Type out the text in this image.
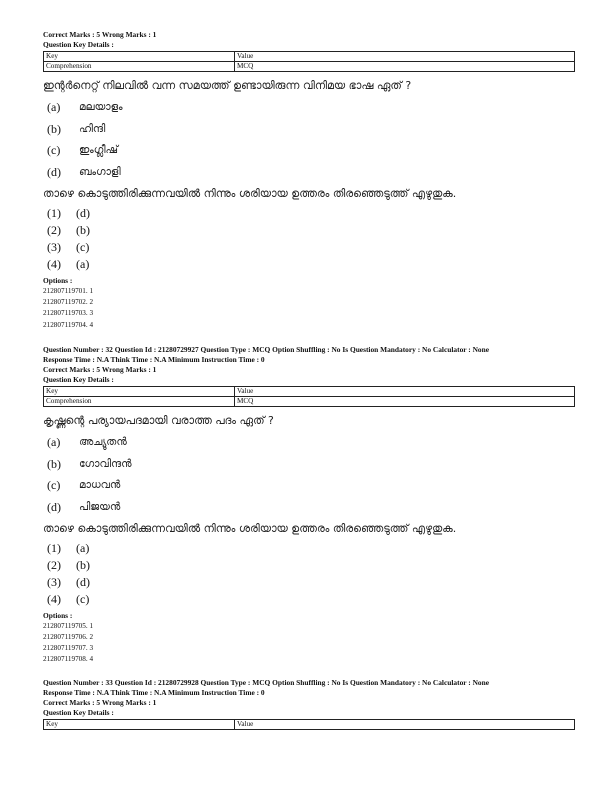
Correct Marks : 5 Wrong Marks : 1
Question Key Details :
Key	Value
Comprehension	MCQ
ഇന്റർനെറ്റ് നിലവിൽ വന്ന സമയത്ത് ഉണ്ടായിരുന്ന വിനിമയ ഭാഷ ഏത് ?
(a)	മലയാളം
(b)	ഹിന്ദി
(c)	ഇംഗ്ലീഷ്
(d)	ബംഗാളി
താഴെ കൊടുത്തിരിക്കുന്നവയിൽ നിന്നും ശരിയായ ഉത്തരം തിരഞ്ഞെടുത്ത് എഴുതുക.
(1)	(d)
(2)	(b)
(3)	(c)
(4)	(a)
Options :
212807119701. 1
212807119702. 2
212807119703. 3
212807119704. 4
Question Number : 32 Question Id : 21280729927 Question Type : MCQ Option Shuffling : No Is Question Mandatory : No Calculator : None
Response Time : N.A Think Time : N.A Minimum Instruction Time : 0
Correct Marks : 5 Wrong Marks : 1
Question Key Details :
Key	Value
Comprehension	MCQ
കൃഷ്ണന്റെ പര്യായപദമായി വരാത്ത പദം ഏത് ?
(a)	അച്യുതൻ
(b)	ഗോവിന്ദൻ
(c)	മാധവൻ
(d)	പിജയൻ
താഴെ കൊടുത്തിരിക്കുന്നവയിൽ നിന്നും ശരിയായ ഉത്തരം തിരഞ്ഞെടുത്ത് എഴുതുക.
(1)	(a)
(2)	(b)
(3)	(d)
(4)	(c)
Options :
212807119705. 1
212807119706. 2
212807119707. 3
212807119708. 4
Question Number : 33 Question Id : 21280729928 Question Type : MCQ Option Shuffling : No Is Question Mandatory : No Calculator : None
Response Time : N.A Think Time : N.A Minimum Instruction Time : 0
Correct Marks : 5 Wrong Marks : 1
Question Key Details :
Key	Value
